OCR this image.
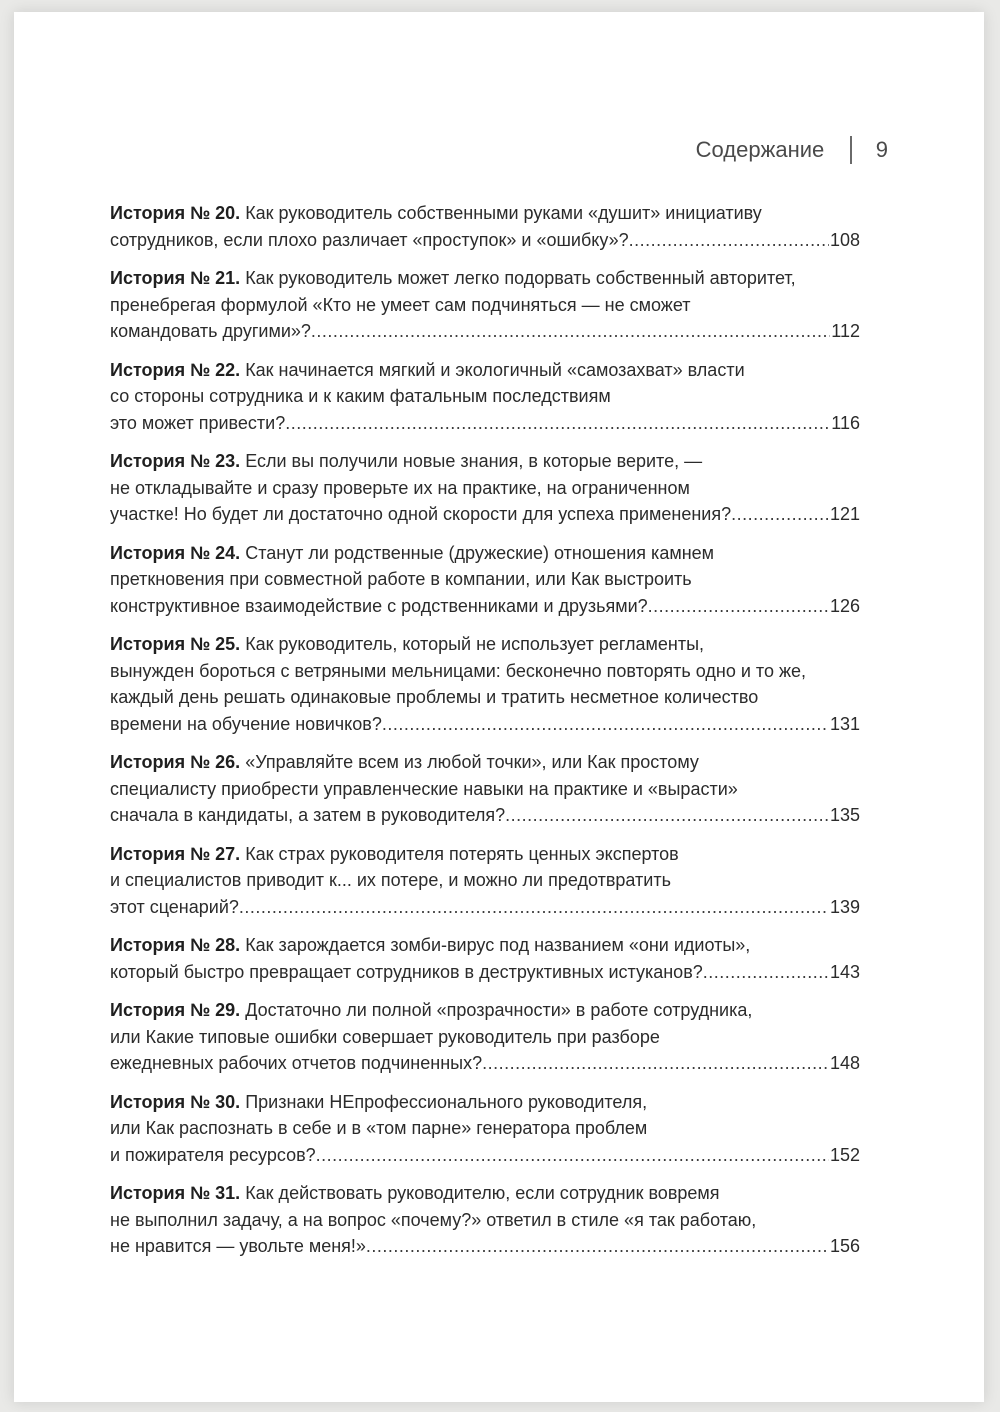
Содержание 9
История № 20. Как руководитель собственными руками «душит» инициативу
сотрудников, если плохо различает «проступок» и «ошибку»? .....	108
История № 21. Как руководитель может легко подорвать собственный авторитет,
пренебрегая формулой «Кто не умеет сам подчиняться — не сможет
командовать другими»? .....	112
История № 22. Как начинается мягкий и экологичный «самозахват» власти
со стороны сотрудника и к каким фатальным последствиям
это может привести? .....	116
История № 23. Если вы получили новые знания, в которые верите, —
не откладывайте и сразу проверьте их на практике, на ограниченном
участке! Но будет ли достаточно одной скорости для успеха применения? .....	121
История № 24. Станут ли родственные (дружеские) отношения камнем
преткновения при совместной работе в компании, или Как выстроить
конструктивное взаимодействие с родственниками и друзьями? .....	126
История № 25. Как руководитель, который не использует регламенты,
вынужден бороться с ветряными мельницами: бесконечно повторять одно и то же,
каждый день решать одинаковые проблемы и тратить несметное количество
времени на обучение новичков? .....	131
История № 26. «Управляйте всем из любой точки», или Как простому
специалисту приобрести управленческие навыки на практике и «вырасти»
сначала в кандидаты, а затем в руководителя? .....	135
История № 27. Как страх руководителя потерять ценных экспертов
и специалистов приводит к... их потере, и можно ли предотвратить
этот сценарий? .....	139
История № 28. Как зарождается зомби-вирус под названием «они идиоты»,
который быстро превращает сотрудников в деструктивных истуканов? .....	143
История № 29. Достаточно ли полной «прозрачности» в работе сотрудника,
или Какие типовые ошибки совершает руководитель при разборе
ежедневных рабочих отчетов подчиненных? .....	148
История № 30. Признаки НЕпрофессионального руководителя,
или Как распознать в себе и в «том парне» генератора проблем
и пожирателя ресурсов? .....	152
История № 31. Как действовать руководителю, если сотрудник вовремя
не выполнил задачу, а на вопрос «почему?» ответил в стиле «я так работаю,
не нравится — увольте меня!» .....	156
